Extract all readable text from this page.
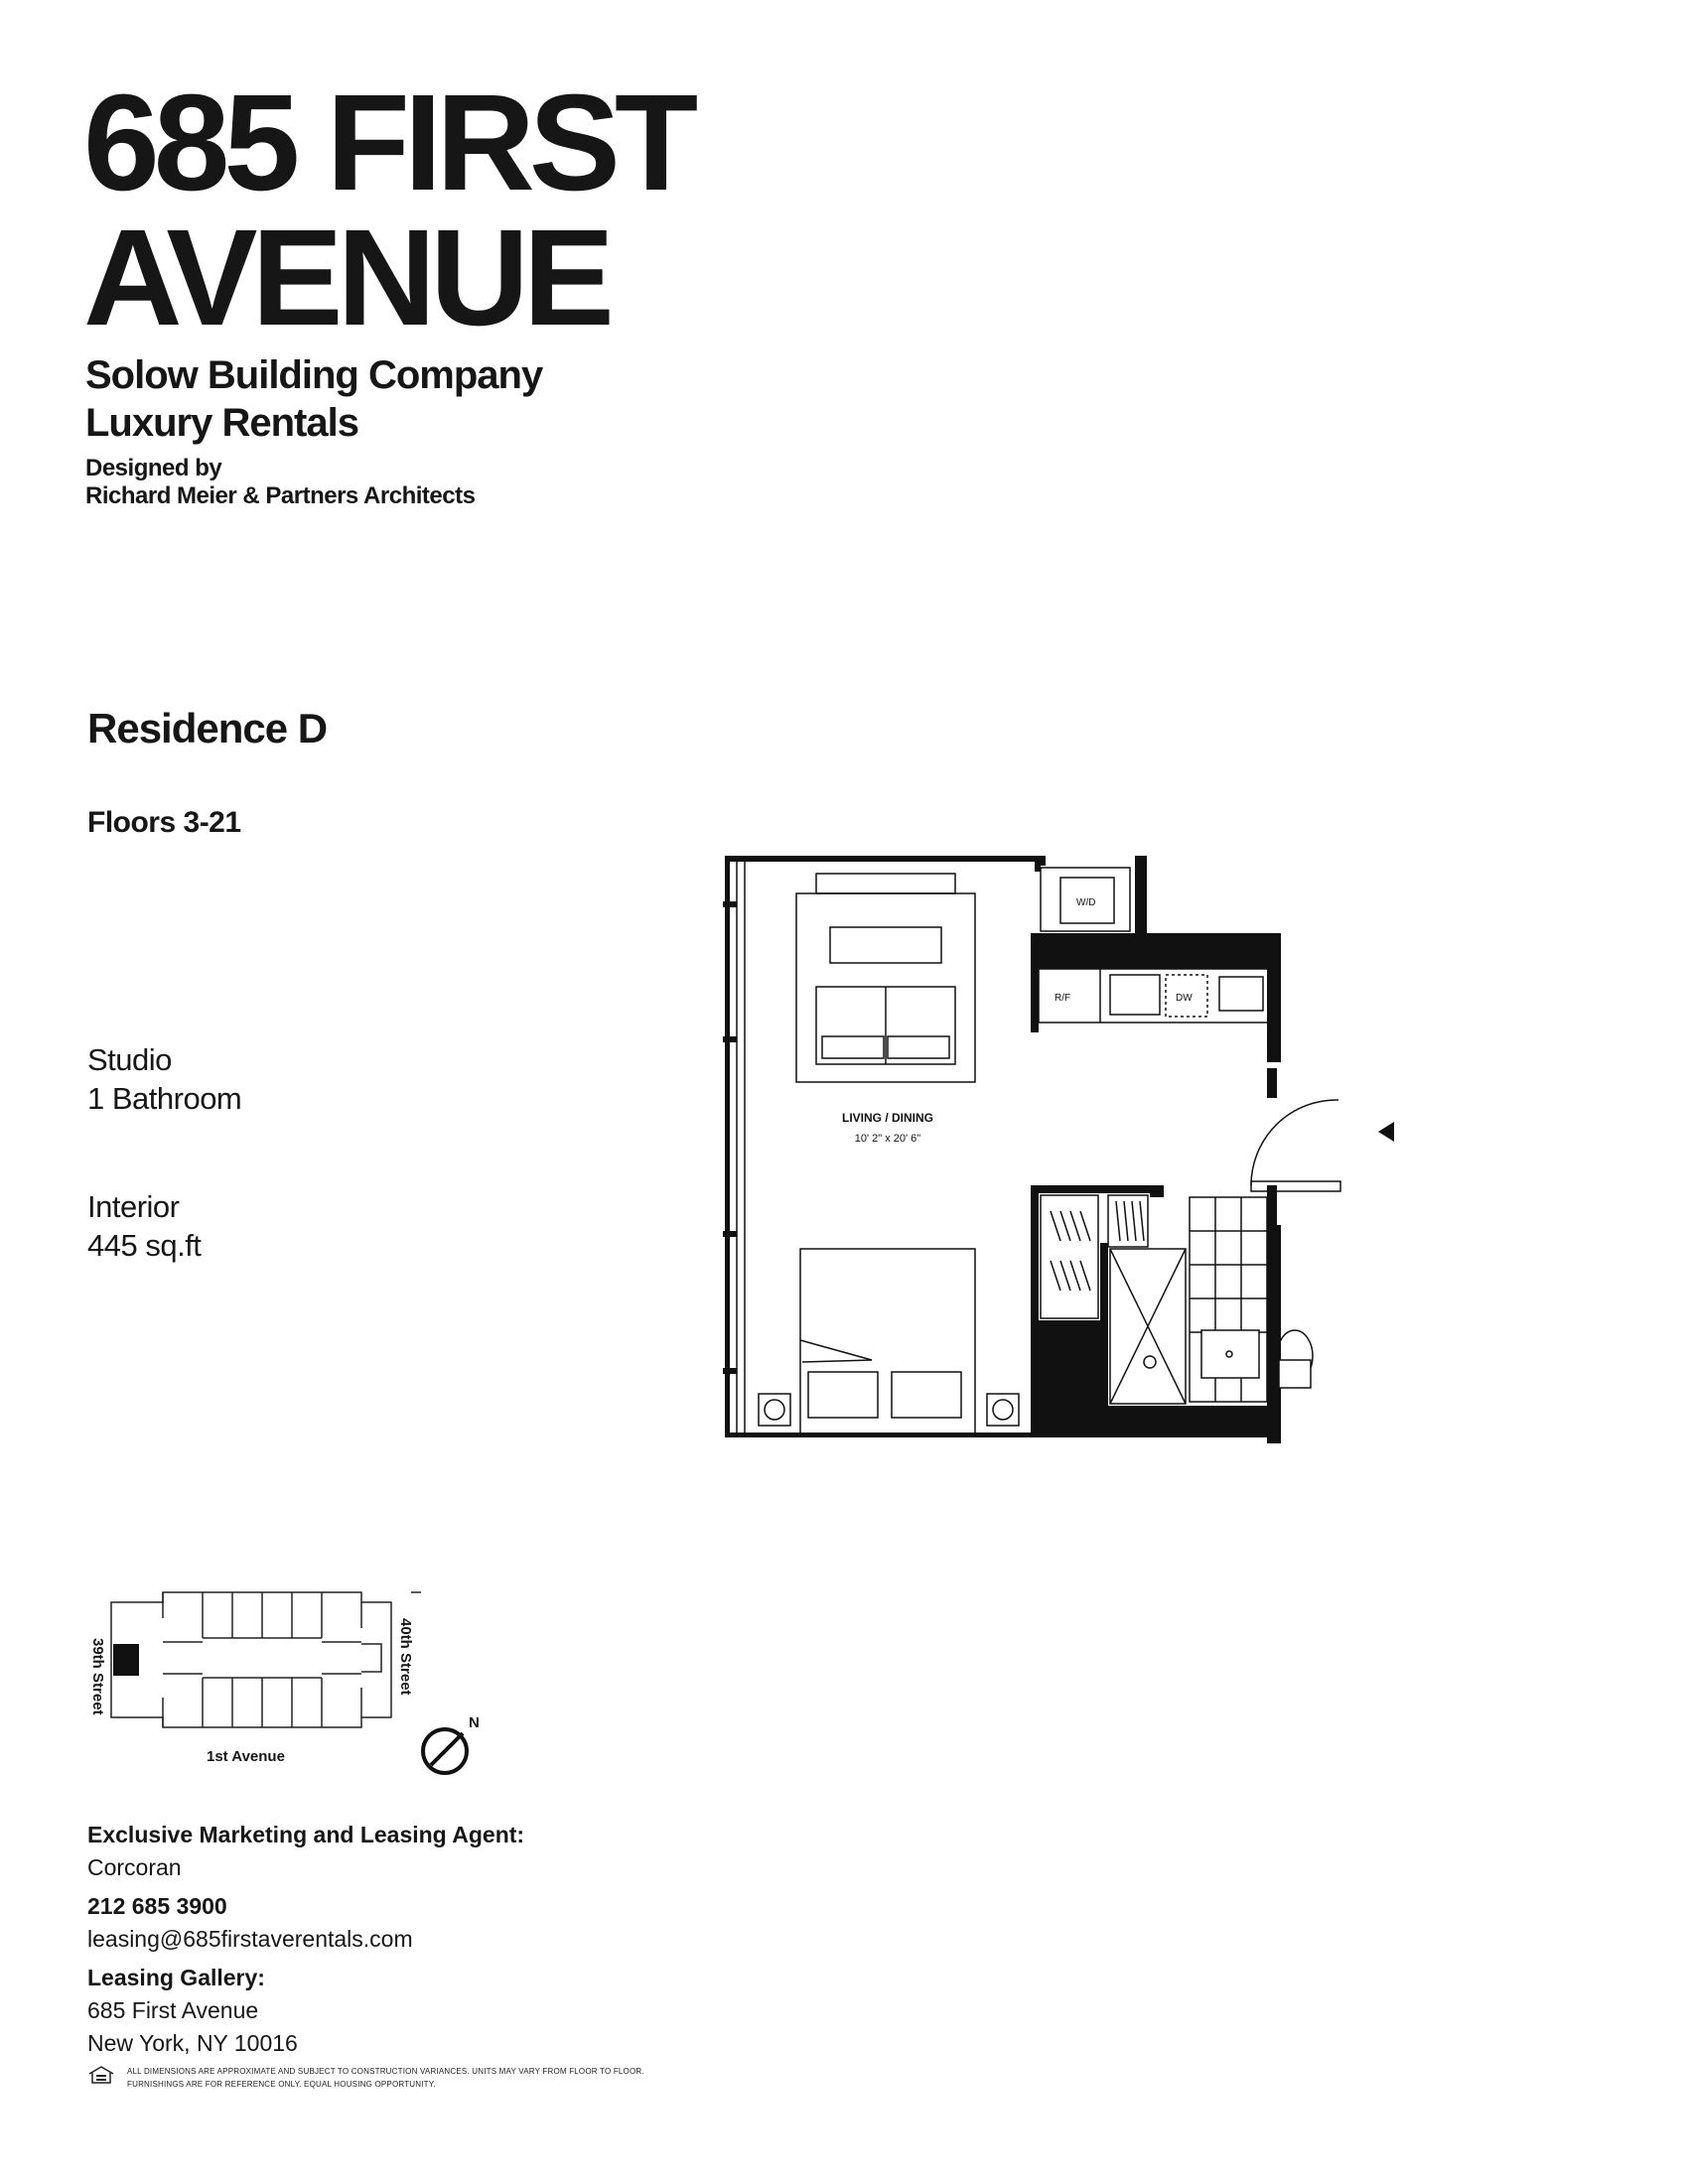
685 FIRST
AVENUE
Solow Building Company
Luxury Rentals
Designed by
Richard Meier & Partners Architects
Residence D
Floors 3-21
Studio
1 Bathroom
Interior
445 sq.ft
W/D
R/F	DW
LIVING / DINING
10' 2" x 20' 6"
39th Street	40th Street
1st Avenue
N
Exclusive Marketing and Leasing Agent:
Corcoran
212 685 3900
leasing@685firstaverentals.com
Leasing Gallery:
685 First Avenue
New York, NY 10016
ALL DIMENSIONS ARE APPROXIMATE AND SUBJECT TO CONSTRUCTION VARIANCES. UNITS MAY VARY FROM FLOOR TO FLOOR.
FURNISHINGS ARE FOR REFERENCE ONLY. EQUAL HOUSING OPPORTUNITY.
